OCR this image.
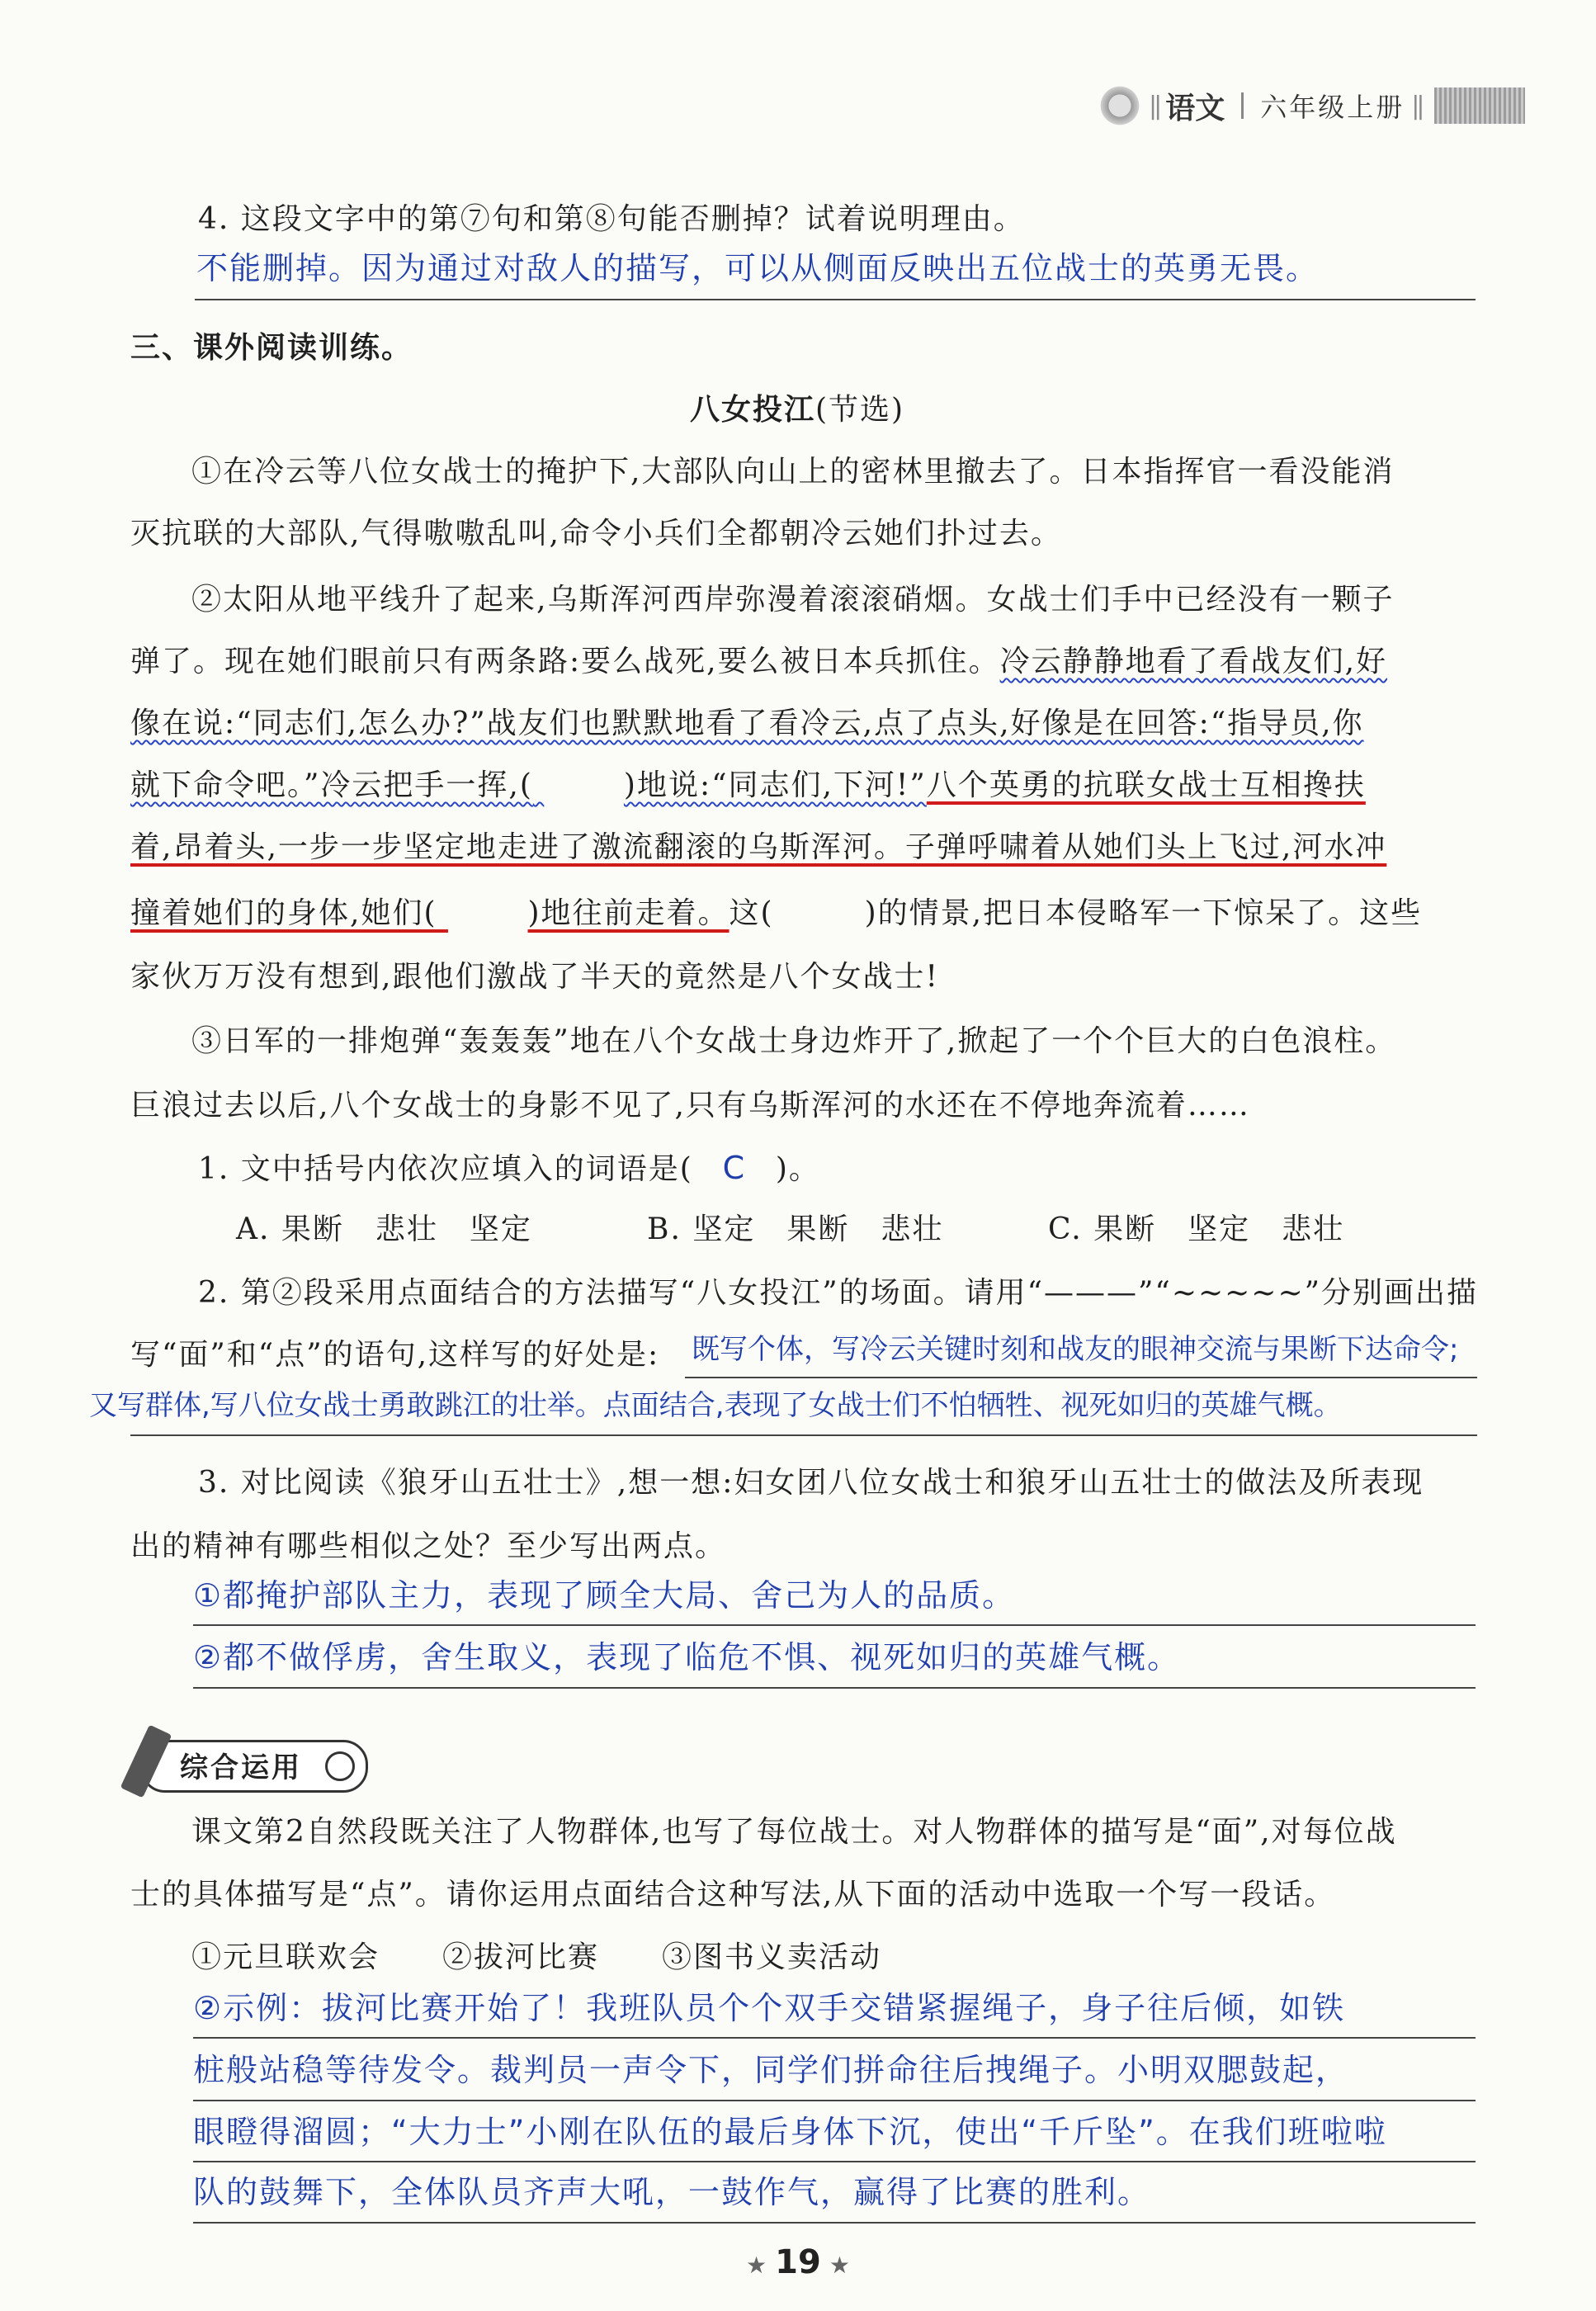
|| 语文 六年级上册 ||
4. 这段文字中的第⑦句和第⑧句能否删掉？试着说明理由。
不能删掉。因为通过对敌人的描写，可以从侧面反映出五位战士的英勇无畏。
三、课外阅读训练。
八女投江(节选)
①在冷云等八位女战士的掩护下,大部队向山上的密林里撤去了。日本指挥官一看没能消
灭抗联的大部队,气得嗷嗷乱叫,命令小兵们全都朝冷云她们扑过去。
②太阳从地平线升了起来,乌斯浑河西岸弥漫着滚滚硝烟。女战士们手中已经没有一颗子
弹了。现在她们眼前只有两条路:要么战死,要么被日本兵抓住。冷云静静地看了看战友们,好
像在说:“同志们,怎么办?”战友们也默默地看了看冷云,点了点头,好像是在回答:“指导员,你
就下命令吧。”冷云把手一挥,(	)地说:“同志们,下河!”八个英勇的抗联女战士互相搀扶
着,昂着头,一步一步坚定地走进了激流翻滚的乌斯浑河。子弹呼啸着从她们头上飞过,河水冲
撞着她们的身体,她们(	)地往前走着。这(	)的情景,把日本侵略军一下惊呆了。这些
家伙万万没有想到,跟他们激战了半天的竟然是八个女战士!
③日军的一排炮弹“轰轰轰”地在八个女战士身边炸开了,掀起了一个个巨大的白色浪柱。
巨浪过去以后,八个女战士的身影不见了,只有乌斯浑河的水还在不停地奔流着……
1. 文中括号内依次应填入的词语是( C )。
A. 果断　悲壮　坚定	B. 坚定　果断　悲壮	C. 果断　坚定　悲壮
2. 第②段采用点面结合的方法描写“八女投江”的场面。请用“———”“~~~~~”分别画出描
写“面”和“点”的语句,这样写的好处是: 既写个体，写冷云关键时刻和战友的眼神交流与果断下达命令;
又写群体,写八位女战士勇敢跳江的壮举。点面结合,表现了女战士们不怕牺牲、视死如归的英雄气概。
3. 对比阅读《狼牙山五壮士》,想一想:妇女团八位女战士和狼牙山五壮士的做法及所表现
出的精神有哪些相似之处？至少写出两点。
①都掩护部队主力，表现了顾全大局、舍己为人的品质。
②都不做俘虏，舍生取义，表现了临危不惧、视死如归的英雄气概。
综合运用
课文第2自然段既关注了人物群体,也写了每位战士。对人物群体的描写是“面”,对每位战
士的具体描写是“点”。请你运用点面结合这种写法,从下面的活动中选取一个写一段话。
①元旦联欢会　　②拔河比赛　　③图书义卖活动
②示例：拔河比赛开始了！我班队员个个双手交错紧握绳子，身子往后倾，如铁
桩般站稳等待发令。裁判员一声令下，同学们拼命往后拽绳子。小明双腮鼓起，
眼瞪得溜圆；“大力士”小刚在队伍的最后身体下沉，使出“千斤坠”。在我们班啦啦
队的鼓舞下，全体队员齐声大吼，一鼓作气，赢得了比赛的胜利。
★ 19 ★
